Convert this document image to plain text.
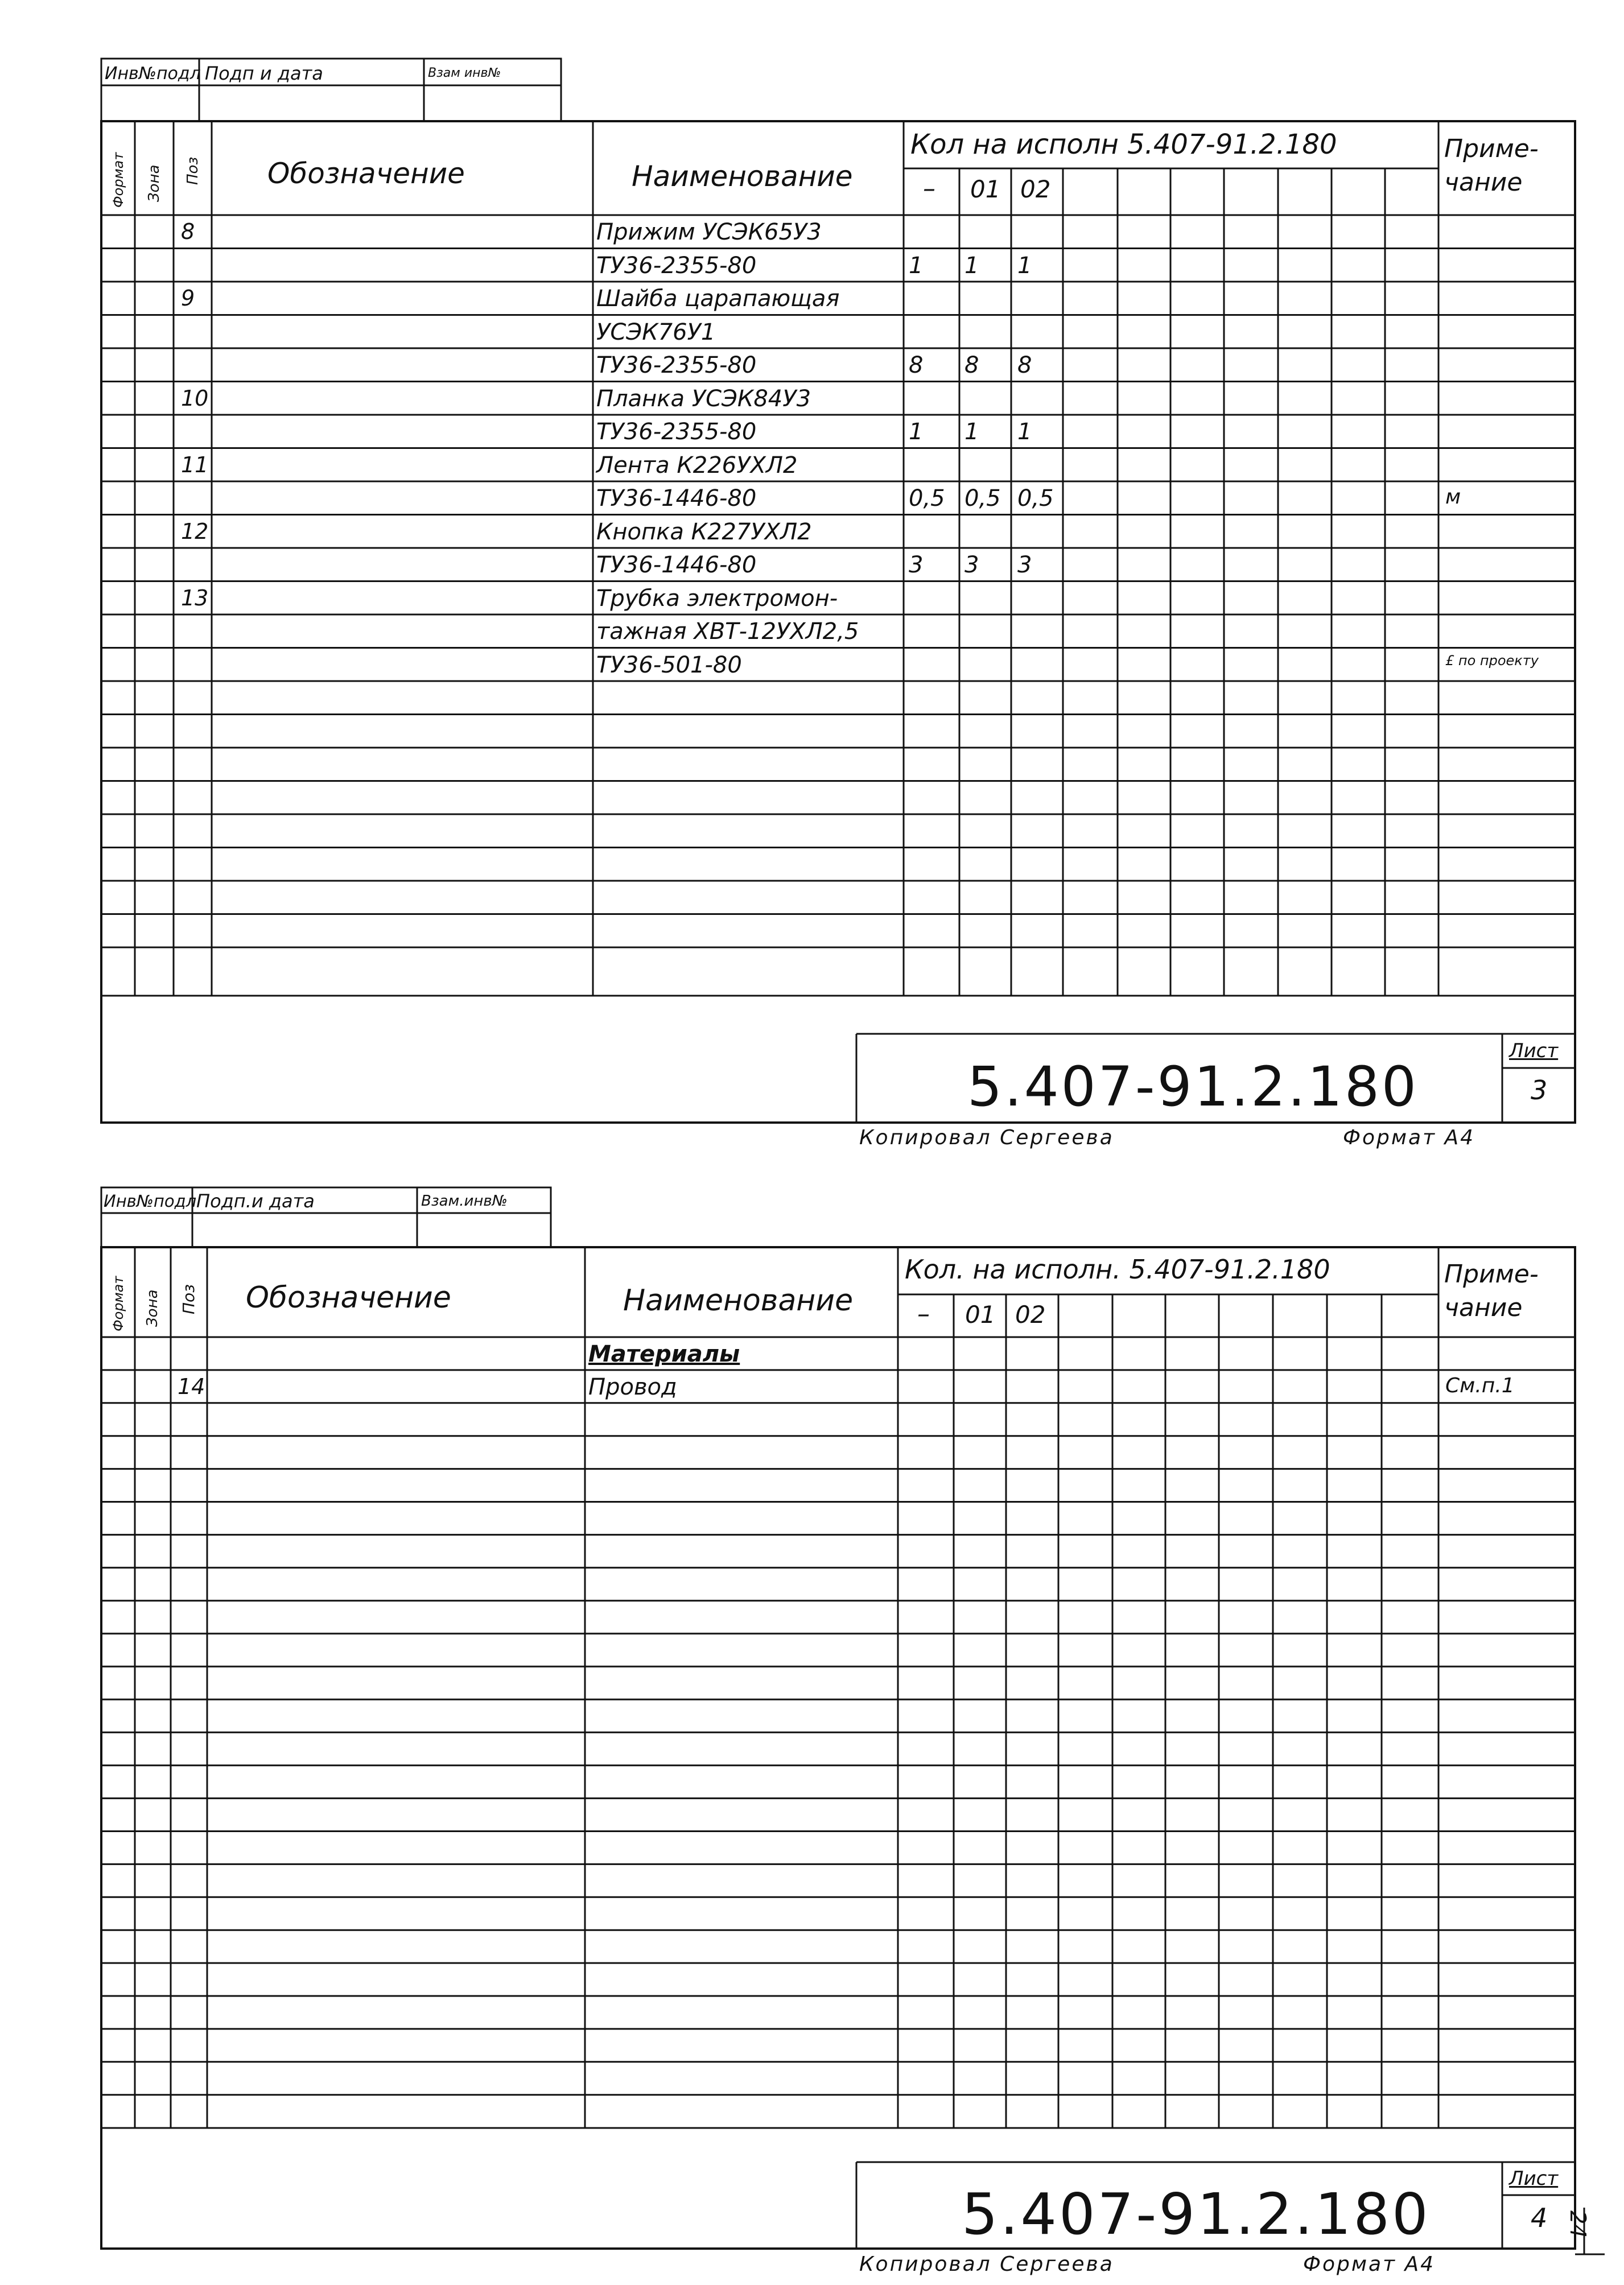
Инв№подл Подп и дата	Взам инв№
Формат Зона Поз Обозначение	Наименование
Кол на исполн 5.407-91.2.180
– 01 02
Приме-чание
8	Прижим УСЭК65У3
ТУ36-2355-80	1 1 1
9	Шайба царапающая
УСЭК76У1
ТУ36-2355-80	8 8 8
10	Планка УСЭК84У3
ТУ36-2355-80	1 1 1
11	Лента К226УХЛ2
ТУ36-1446-80	0,5 0,5 0,5	м
12	Кнопка К227УХЛ2
ТУ36-1446-80	3 3 3
13	Трубка электромон-
тажная ХВТ-12УХЛ2,5
ТУ36-501-80	£ по проекту
5.407-91.2.180
Лист
3
Копировал Сергеева	Формат А4
Инв№подл Подп.и дата	Взам.инв№
Формат Зона Поз Обозначение	Наименование
Кол. на исполн. 5.407-91.2.180
– 01 02
Приме-чание
Материалы
14	Провод	См.п.1
5.407-91.2.180
Лист
4
Копировал Сергеева	Формат А4
24
